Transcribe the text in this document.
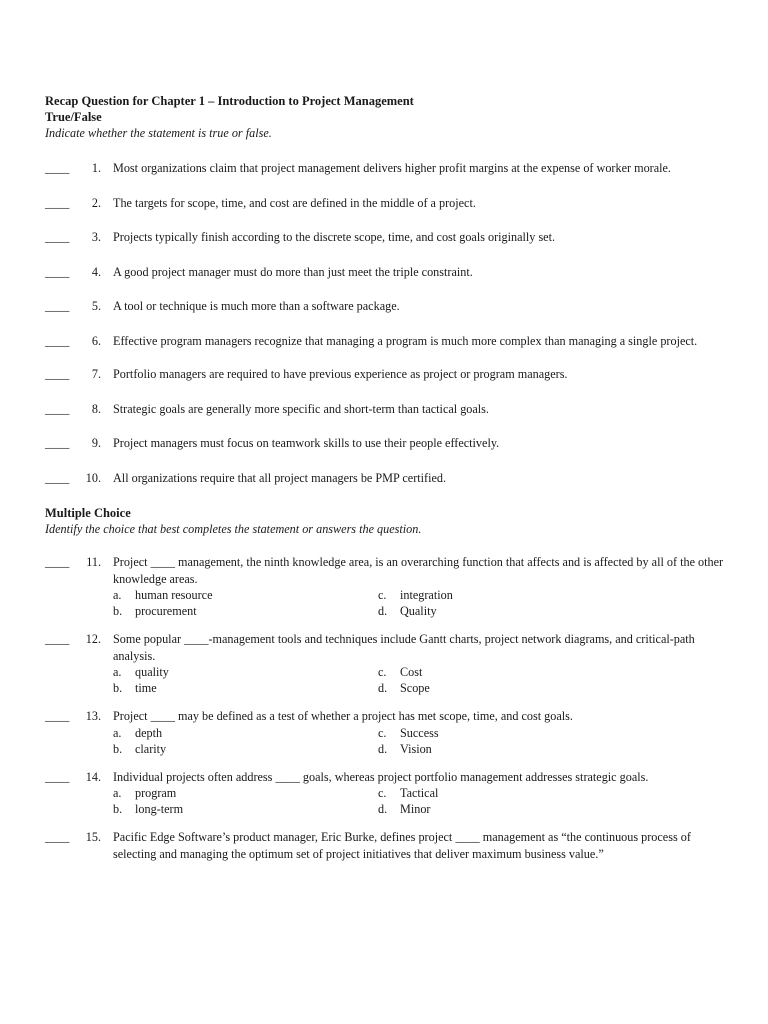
Recap Question for Chapter 1 – Introduction to Project Management
True/False
Indicate whether the statement is true or false.
____	1. Most organizations claim that project management delivers higher profit margins at the expense of worker morale.
____	2. The targets for scope, time, and cost are defined in the middle of a project.
____	3. Projects typically finish according to the discrete scope, time, and cost goals originally set.
____	4. A good project manager must do more than just meet the triple constraint.
____	5. A tool or technique is much more than a software package.
____	6. Effective program managers recognize that managing a program is much more complex than managing a single project.
____	7. Portfolio managers are required to have previous experience as project or program managers.
____	8. Strategic goals are generally more specific and short-term than tactical goals.
____	9. Project managers must focus on teamwork skills to use their people effectively.
____	10. All organizations require that all project managers be PMP certified.
Multiple Choice
Identify the choice that best completes the statement or answers the question.
____	11. Project ____ management, the ninth knowledge area, is an overarching function that affects and is affected by all of the other knowledge areas.
a. human resource	c. integration
b. procurement	d. Quality
____	12. Some popular ____-management tools and techniques include Gantt charts, project network diagrams, and critical-path analysis.
a. quality	c. Cost
b. time	d. Scope
____	13. Project ____ may be defined as a test of whether a project has met scope, time, and cost goals.
a. depth	c. Success
b. clarity	d. Vision
____	14. Individual projects often address ____ goals, whereas project portfolio management addresses strategic goals.
a. program	c. Tactical
b. long-term	d. Minor
____	15. Pacific Edge Software’s product manager, Eric Burke, defines project ____ management as “the continuous process of selecting and managing the optimum set of project initiatives that deliver maximum business value.”
